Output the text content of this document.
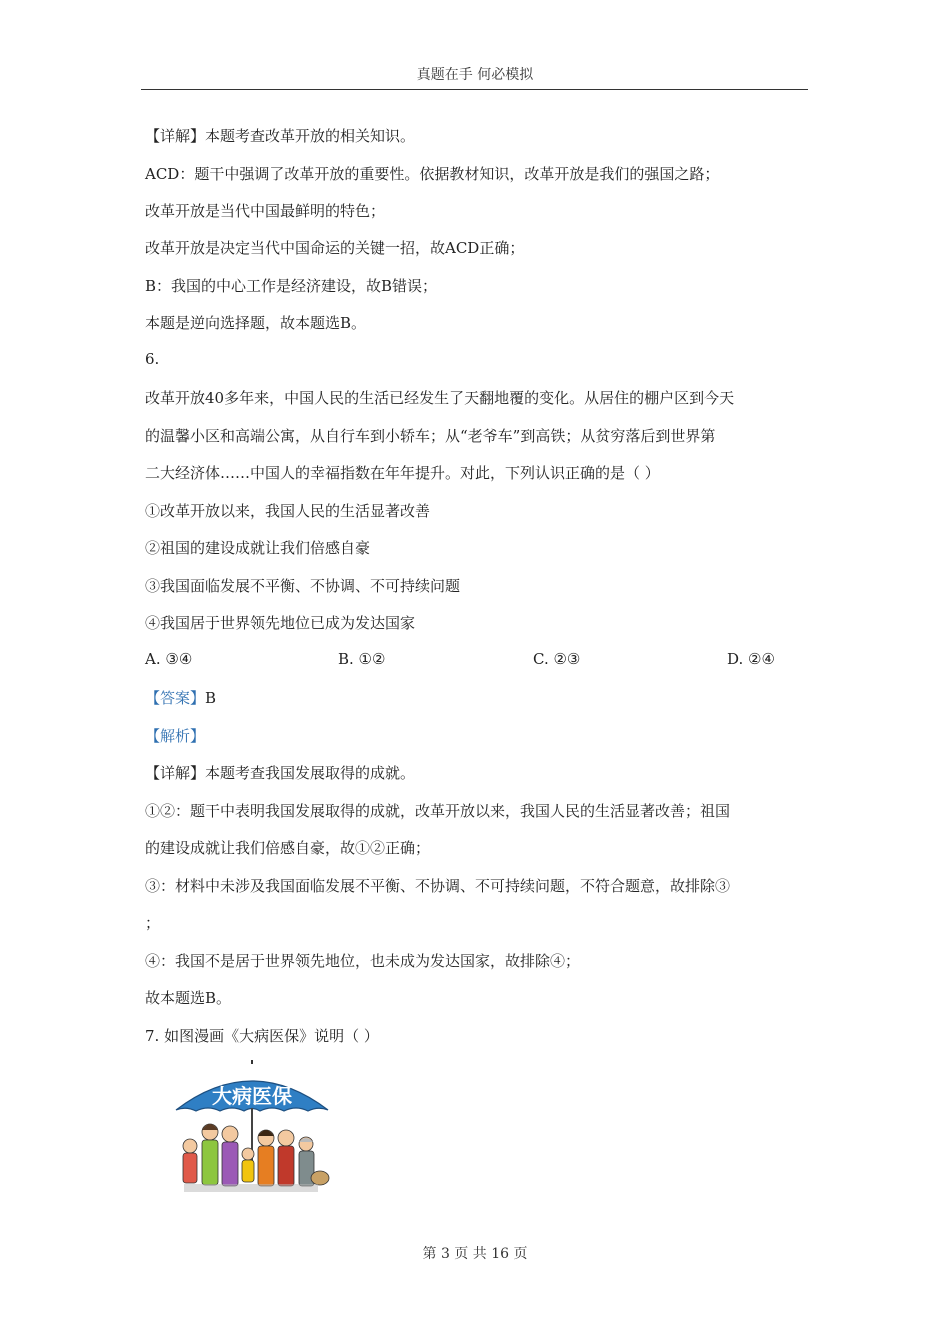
真题在手 何必模拟
【详解】本题考查改革开放的相关知识。
ACD：题干中强调了改革开放的重要性。依据教材知识，改革开放是我们的强国之路；
改革开放是当代中国最鲜明的特色；
改革开放是决定当代中国命运的关键一招，故ACD正确；
B：我国的中心工作是经济建设，故B错误；
本题是逆向选择题，故本题选B。
6.
改革开放40多年来，中国人民的生活已经发生了天翻地覆的变化。从居住的棚户区到今天
的温馨小区和高端公寓，从自行车到小轿车；从“老爷车”到高铁；从贫穷落后到世界第
二大经济体……中国人的幸福指数在年年提升。对此，下列认识正确的是（ ）
①改革开放以来，我国人民的生活显著改善
②祖国的建设成就让我们倍感自豪
③我国面临发展不平衡、不协调、不可持续问题
④我国居于世界领先地位已成为发达国家
A. ③④	B. ①②	C. ②③	D. ②④
【答案】B
【解析】
【详解】本题考查我国发展取得的成就。
①②：题干中表明我国发展取得的成就，改革开放以来，我国人民的生活显著改善；祖国
的建设成就让我们倍感自豪，故①②正确；
③：材料中未涉及我国面临发展不平衡、不协调、不可持续问题，不符合题意，故排除③
；
④：我国不是居于世界领先地位，也未成为发达国家，故排除④；
故本题选B。
7. 如图漫画《大病医保》说明（ ）
大病医保
第 3 页 共 16 页
